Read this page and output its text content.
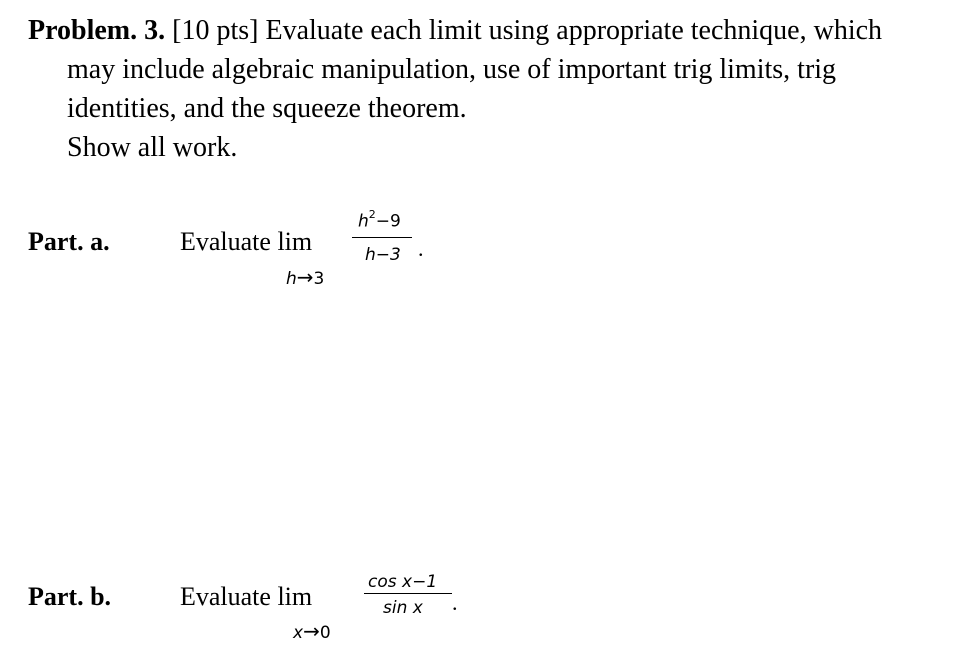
Problem. 3. [10 pts] Evaluate each limit using appropriate technique, which
may include algebraic manipulation, use of important trig limits, trig
identities, and the squeeze theorem.
Show all work.
Part. a.	Evaluate lim
$h^2-9$
h−3 .
h→3
Part. b.	Evaluate lim	cos x−1
sin x .
x→0
